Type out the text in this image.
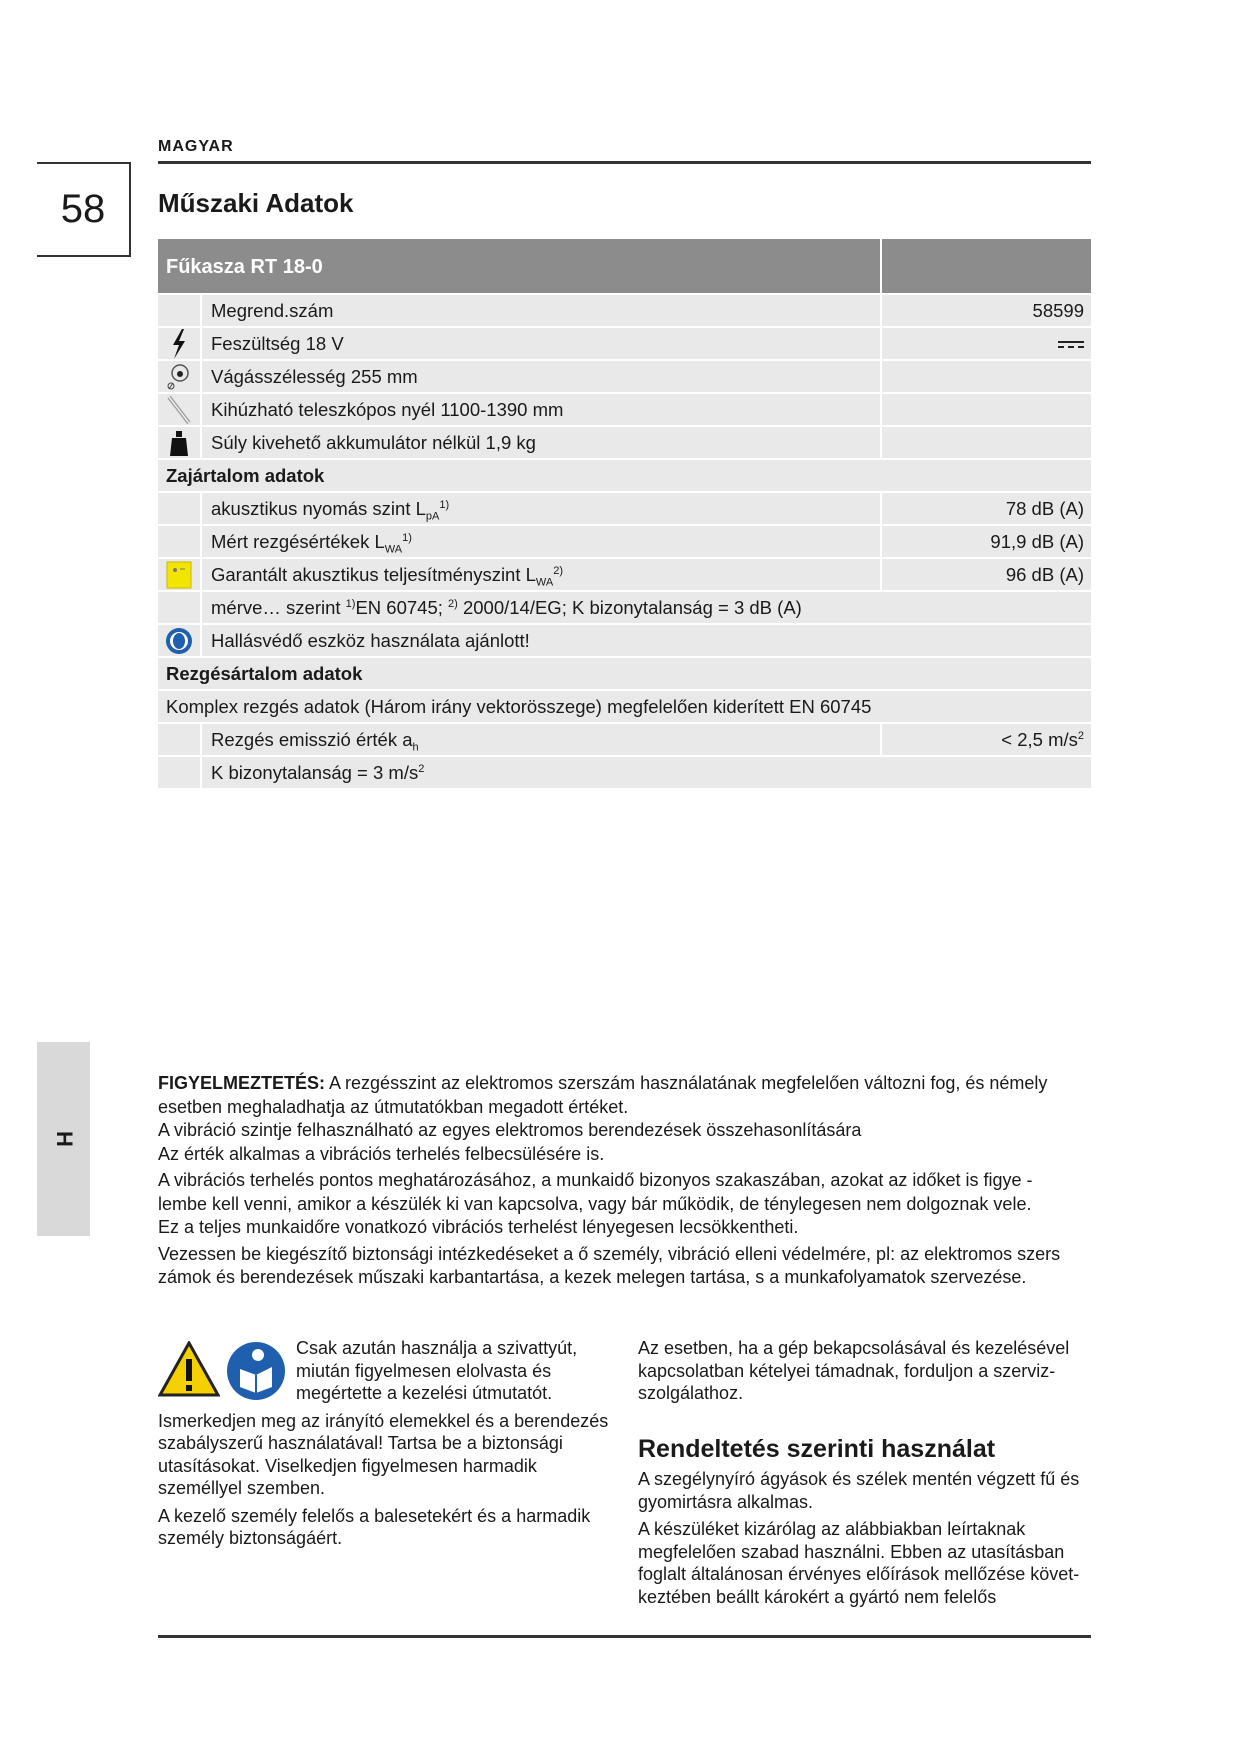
MAGYAR
58	Műszaki Adatok
Fűkasza RT 18-0
Megrend.szám	58599
Feszültség 18 V
Vágásszélesség 255 mm
Kihúzható teleszkópos nyél 1100-1390 mm
Súly kivehető akkumulátor nélkül 1,9 kg
Zajártalom adatok
akusztikus nyomás szint $L_{pA}^{1)}$	78 dB (A)
Mért rezgésértékek $L_{WA}^{1)}$	91,9 dB (A)
Garantált akusztikus teljesítményszint $L_{WA}^{2)}$	96 dB (A)
mérve… szerint $^{1)}$EN 60745; $^{2)}$ 2000/14/EG; K bizonytalanság = 3 dB (A)
Hallásvédő eszköz használata ajánlott!
Rezgésártalom adatok
Komplex rezgés adatok (Három irány vektorösszege) megfelelően kiderített EN 60745
Rezgés emisszió érték $a_h$	< 2,5 $m/s^2$
K bizonytalanság = 3 $m/s^2$
H
FIGYELMEZTETÉS: A rezgésszint az elektromos szerszám használatának megfelelően változni fog, és némely
esetben meghaladhatja az útmutatókban megadott értéket.
A vibráció szintje felhasználható az egyes elektromos berendezések összehasonlítására
Az érték alkalmas a vibrációs terhelés felbecsülésére is.
A vibrációs terhelés pontos meghatározásához, a munkaidő bizonyos szakaszában, azokat az időket is figye -
lembe kell venni, amikor a készülék ki van kapcsolva, vagy bár működik, de ténylegesen nem dolgoznak vele.
Ez a teljes munkaidőre vonatkozó vibrációs terhelést lényegesen lecsökkentheti.
Vezessen be kiegészítő biztonsági intézkedéseket a ő személy, vibráció elleni védelmére, pl: az elektromos szers
zámok és berendezések műszaki karbantartása, a kezek melegen tartása, s a munkafolyamatok szervezése.
Csak azután használja a szivattyút, miután figyelmesen elolvasta és megértette a kezelési útmutatót.
Ismerkedjen meg az irányító elemekkel és a berendezés szabályszerű használatával! Tartsa be a biztonsági utasításokat. Viselkedjen figyelmesen harmadik személlyel szemben.
A kezelő személy felelős a balesetekért és a harmadik személy biztonságáért.
Az esetben, ha a gép bekapcsolásával és kezelésével kapcsolatban kételyei támadnak, forduljon a szerviz-szolgálathoz.
Rendeltetés szerinti használat
A szegélynyíró ágyások és szélek mentén végzett fű és gyomirtásra alkalmas.
A készüléket kizárólag az alábbiakban leírtaknak megfelelően szabad használni. Ebben az utasításban foglalt általánosan érvényes előírások mellőzése követ-keztében beállt károkért a gyártó nem felelős
